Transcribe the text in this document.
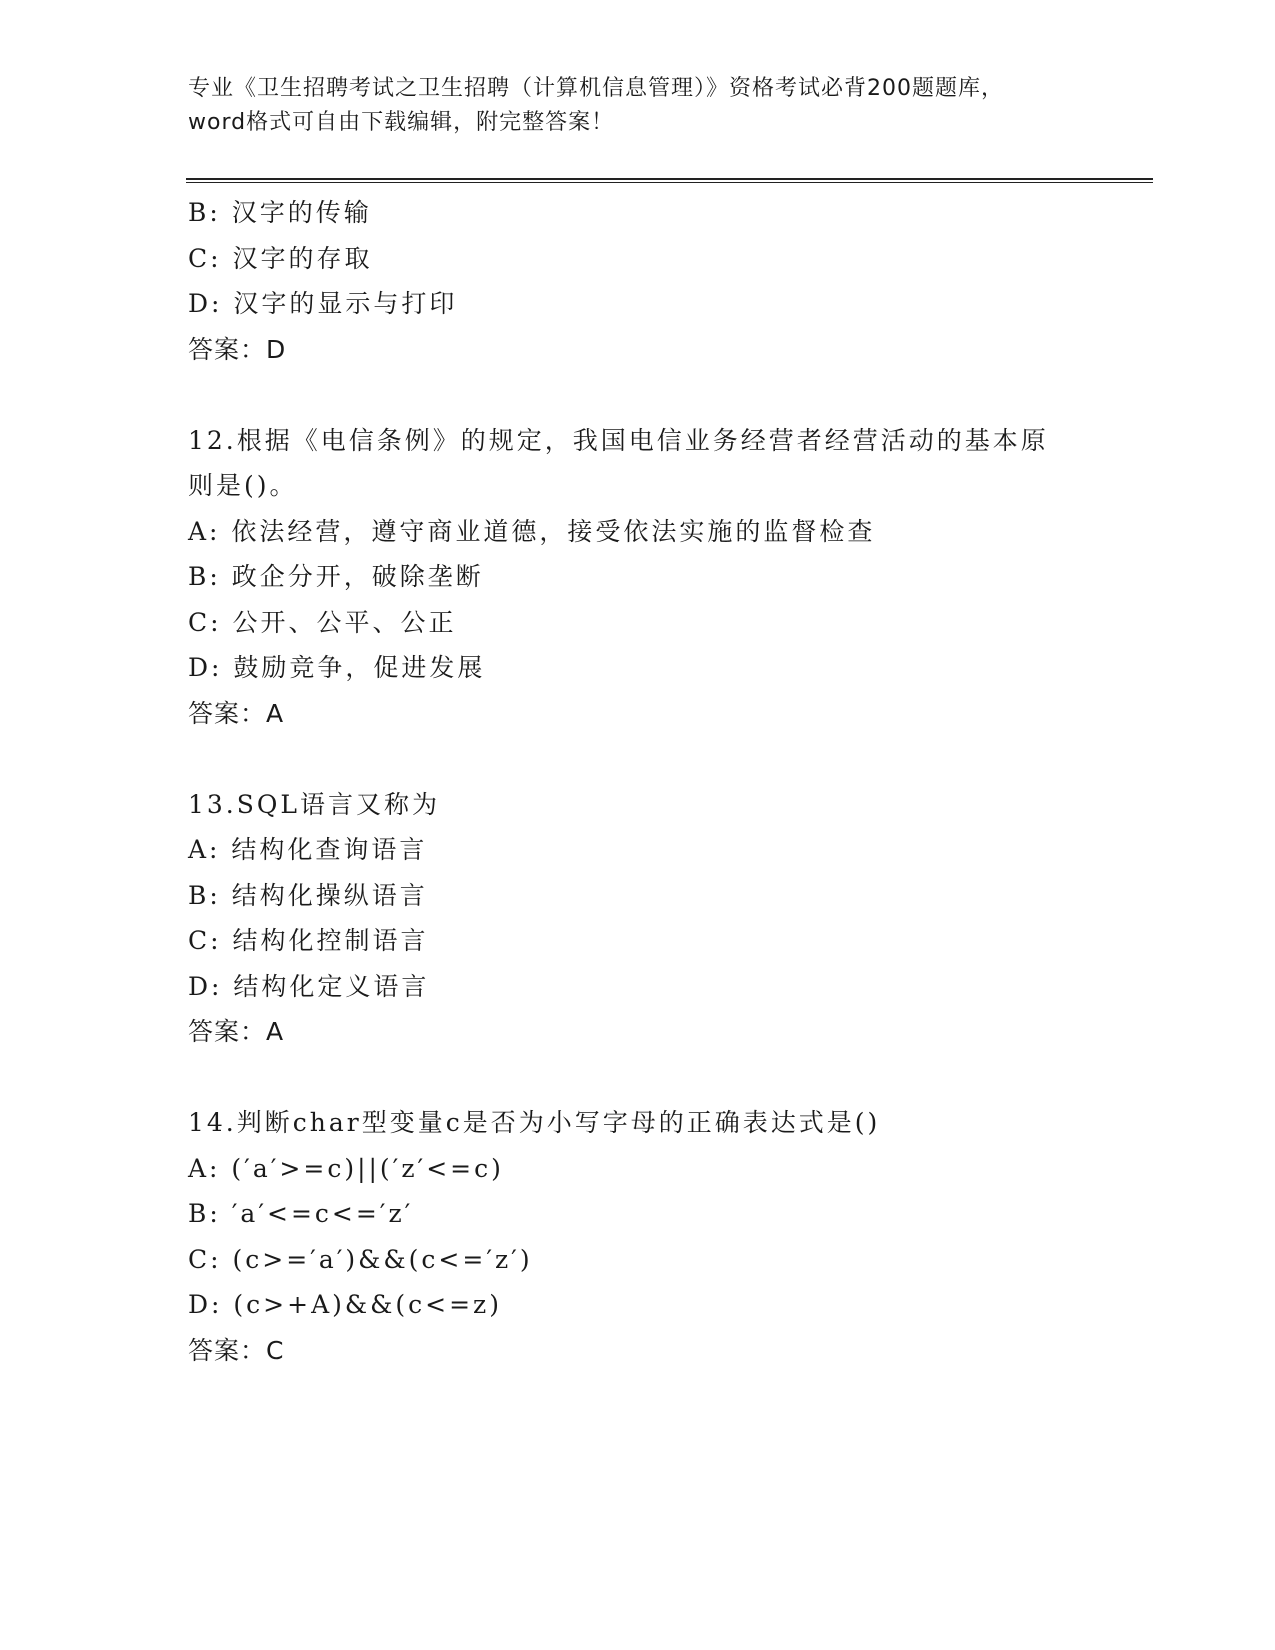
专业《卫生招聘考试之卫生招聘（计算机信息管理）》资格考试必背200题题库，
word格式可自由下载编辑，附完整答案！
B: 汉字的传输
C: 汉字的存取
D: 汉字的显示与打印
答案：D
12.根据《电信条例》的规定，我国电信业务经营者经营活动的基本原
则是()。
A: 依法经营，遵守商业道德，接受依法实施的监督检查
B: 政企分开，破除垄断
C: 公开、公平、公正
D: 鼓励竞争，促进发展
答案：A
13.SQL语言又称为
A: 结构化查询语言
B: 结构化操纵语言
C: 结构化控制语言
D: 结构化定义语言
答案：A
14.判断char型变量c是否为小写字母的正确表达式是()
A: (′a′>=c)||(′z′<=c)
B: ′a′<=c<=′z′
C: (c>=′a′)&&(c<=′z′)
D: (c>+A)&&(c<=z)
答案：C
